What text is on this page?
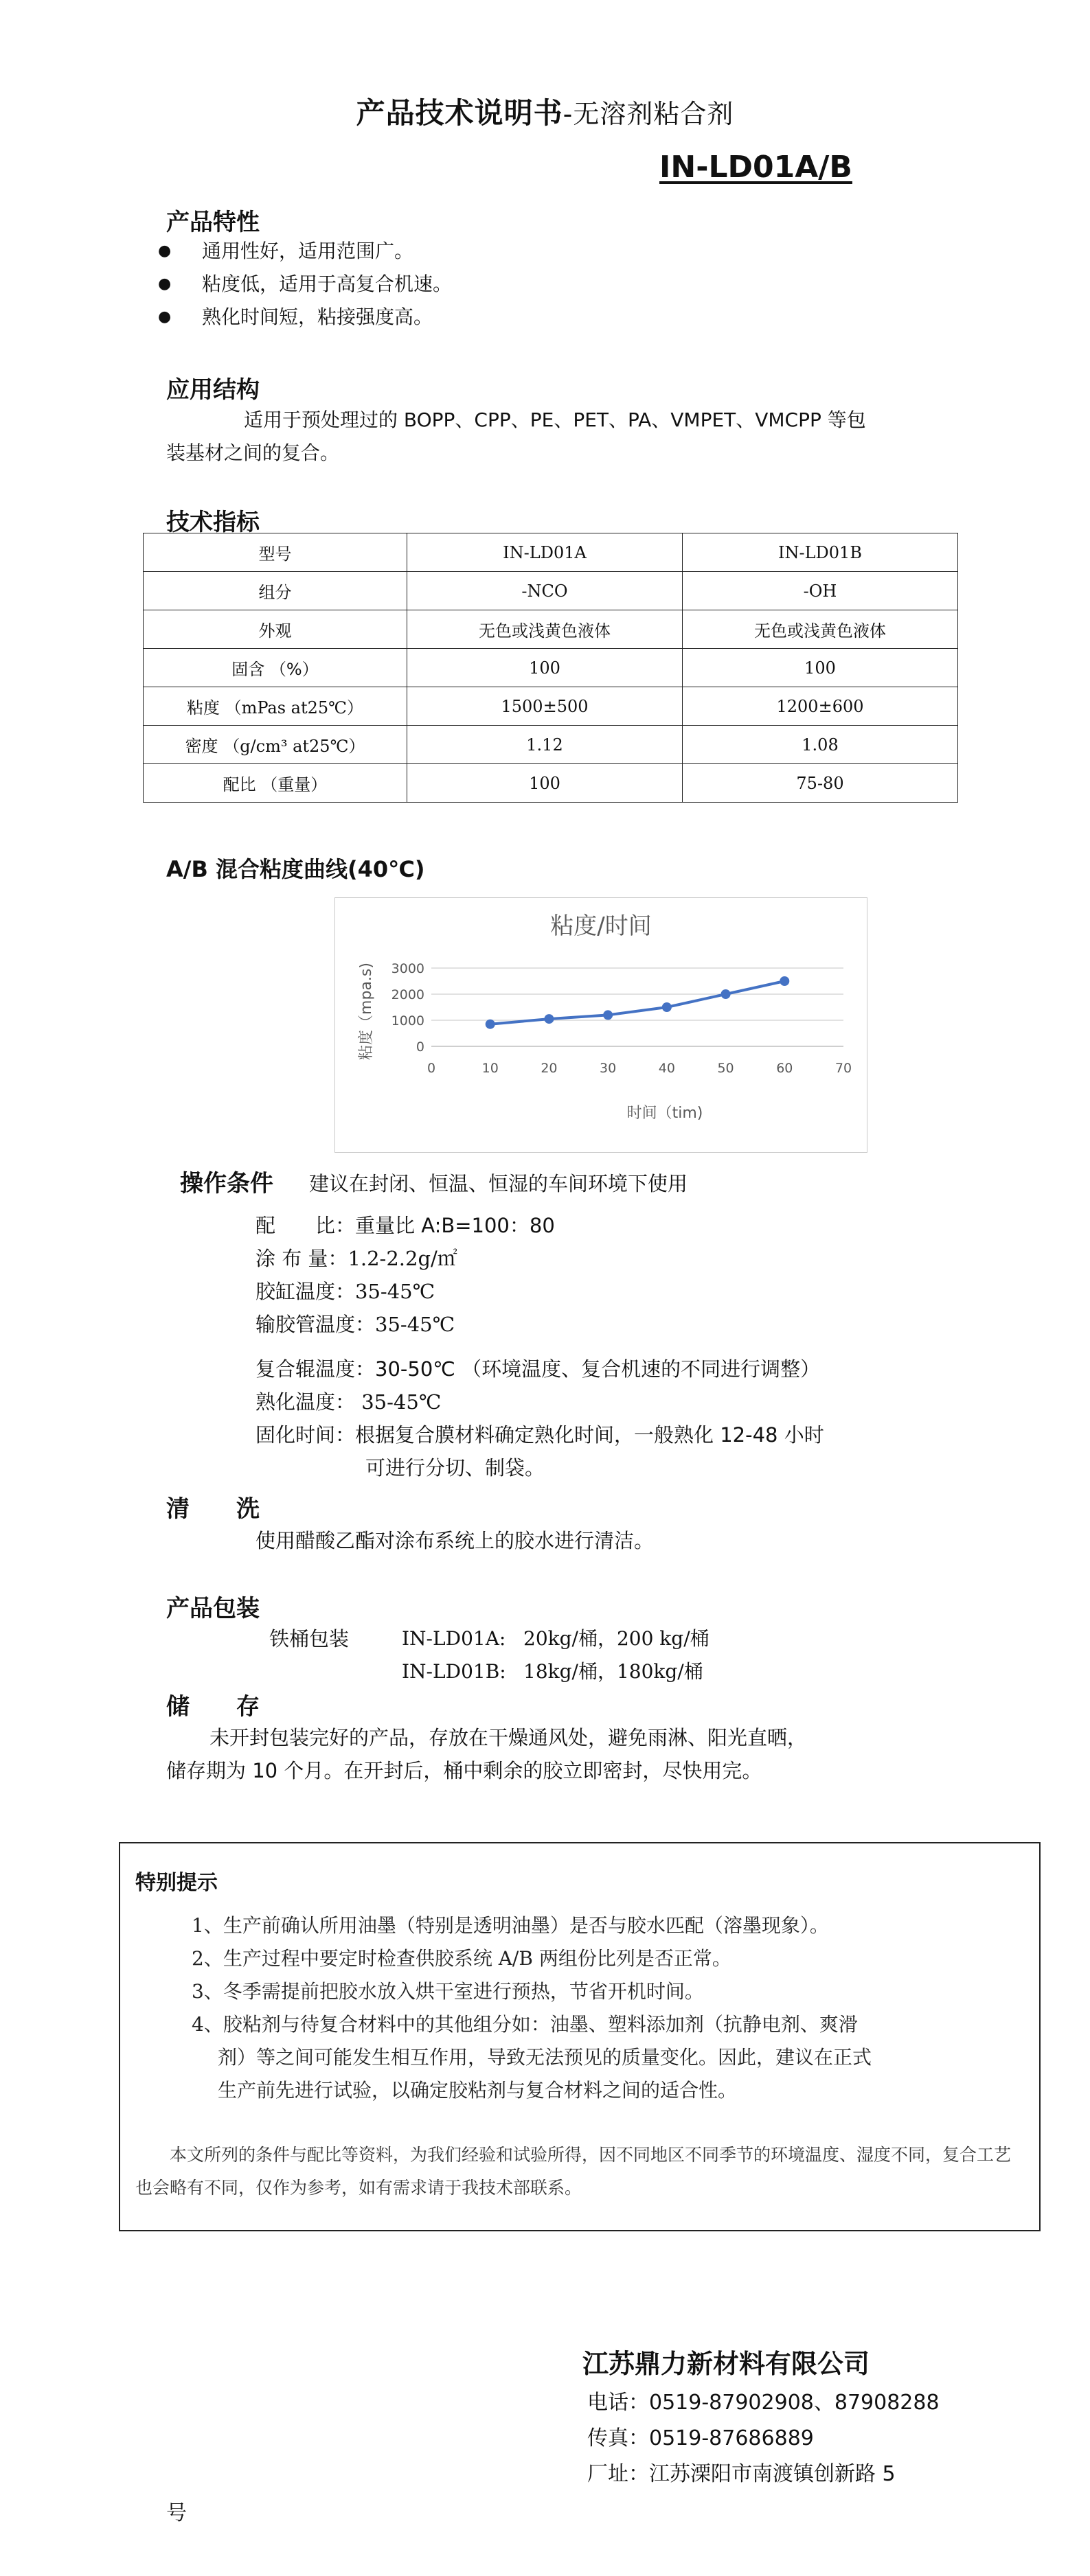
产品技术说明书-无溶剂粘合剂
IN-LD01A/B
产品特性
● 通用性好，适用范围广。
● 粘度低，适用于高复合机速。
● 熟化时间短，粘接强度高。
应用结构
适用于预处理过的 BOPP、CPP、PE、PET、PA、VMPET、VMCPP 等包
装基材之间的复合。
技术指标
型号	IN-LD01A	IN-LD01B
组分	-NCO	-OH
外观	无色或浅黄色液体	无色或浅黄色液体
固含 （%）	100	100
粘度 （mPas at25℃）	1500±500	1200±600
密度 （g/cm³ at25℃）	1.12	1.08
配比 （重量）	100	75-80
A/B 混合粘度曲线(40℃)
粘度/时间
0
1000
2000
3000
0	10	20	30	40	50	60	70
粘度（mpa.s)
时间（tim)
操作条件 建议在封闭、恒温、恒湿的车间环境下使用
配　　比：重量比 A:B=100：80
涂 布 量：1.2-2.2g/㎡
胶缸温度：35-45℃
输胶管温度：35-45℃
复合辊温度：30-50℃ （环境温度、复合机速的不同进行调整）
熟化温度： 35-45℃
固化时间：根据复合膜材料确定熟化时间，一般熟化 12-48 小时
可进行分切、制袋。
清　　洗
使用醋酸乙酯对涂布系统上的胶水进行清洁。
产品包装
铁桶包装	IN-LD01A: 20kg/桶，200 kg/桶
IN-LD01B: 18kg/桶，180kg/桶
储　　存
未开封包装完好的产品，存放在干燥通风处，避免雨淋、阳光直晒，
储存期为 10 个月。在开封后，桶中剩余的胶立即密封，尽快用完。
特别提示
1、生产前确认所用油墨（特别是透明油墨）是否与胶水匹配（溶墨现象）。
2、生产过程中要定时检查供胶系统 A/B 两组份比列是否正常。
3、冬季需提前把胶水放入烘干室进行预热，节省开机时间。
4、胶粘剂与待复合材料中的其他组分如：油墨、塑料添加剂（抗静电剂、爽滑
剂）等之间可能发生相互作用，导致无法预见的质量变化。因此，建议在正式
生产前先进行试验，以确定胶粘剂与复合材料之间的适合性。
本文所列的条件与配比等资料，为我们经验和试验所得，因不同地区不同季节的环境温度、湿度不同，复合工艺也会略有不同，仅作为参考，如有需求请于我技术部联系。
江苏鼎力新材料有限公司
电话：0519-87902908、87908288
传真：0519-87686889
厂址：江苏溧阳市南渡镇创新路 5
号
